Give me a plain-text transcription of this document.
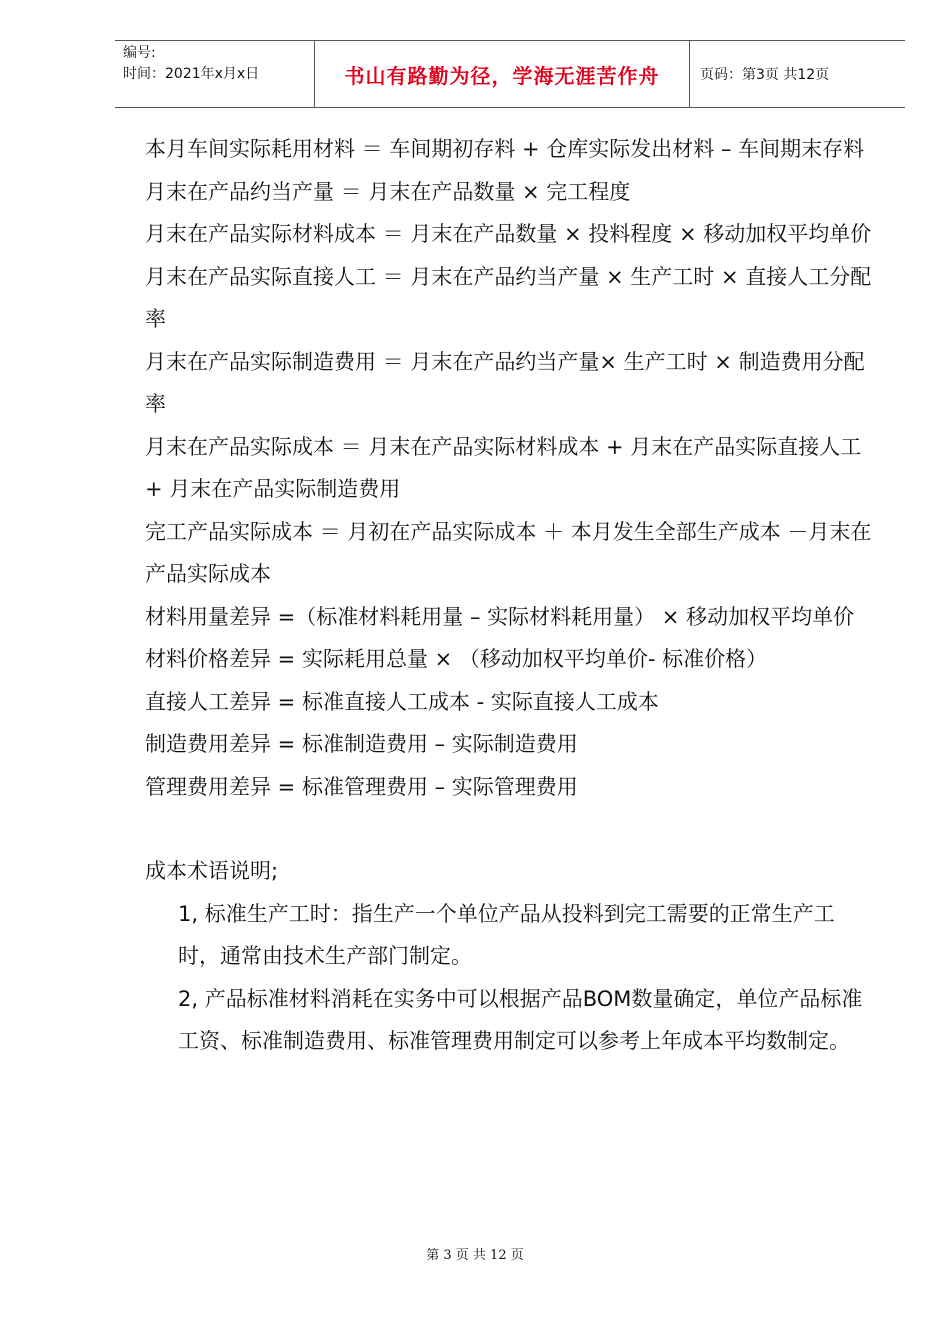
编号:
时间：2021年x月x日	书山有路勤为径，学海无涯苦作舟	页码：第3页 共12页

本月车间实际耗用材料 ＝ 车间期初存料 + 仓库实际发出材料 – 车间期末存料

月末在产品约当产量 ＝ 月末在产品数量 × 完工程度

月末在产品实际材料成本 ＝ 月末在产品数量 × 投料程度 × 移动加权平均单价

月末在产品实际直接人工 ＝ 月末在产品约当产量 × 生产工时 × 直接人工分配率

月末在产品实际制造费用 ＝ 月末在产品约当产量× 生产工时 × 制造费用分配率

月末在产品实际成本 ＝ 月末在产品实际材料成本 + 月末在产品实际直接人工 + 月末在产品实际制造费用

完工产品实际成本 ＝ 月初在产品实际成本 ＋ 本月发生全部生产成本 －月末在产品实际成本

材料用量差异 =（标准材料耗用量 – 实际材料耗用量） × 移动加权平均单价

材料价格差异 = 实际耗用总量 × （移动加权平均单价- 标准价格）

直接人工差异 = 标准直接人工成本 - 实际直接人工成本

制造费用差异 = 标准制造费用 – 实际制造费用

管理费用差异 = 标准管理费用 – 实际管理费用

成本术语说明;

1, 标准生产工时：指生产一个单位产品从投料到完工需要的正常生产工时，通常由技术生产部门制定。

2, 产品标准材料消耗在实务中可以根据产品BOM数量确定，单位产品标准工资、标准制造费用、标准管理费用制定可以参考上年成本平均数制定。

第 3 页 共 12 页
